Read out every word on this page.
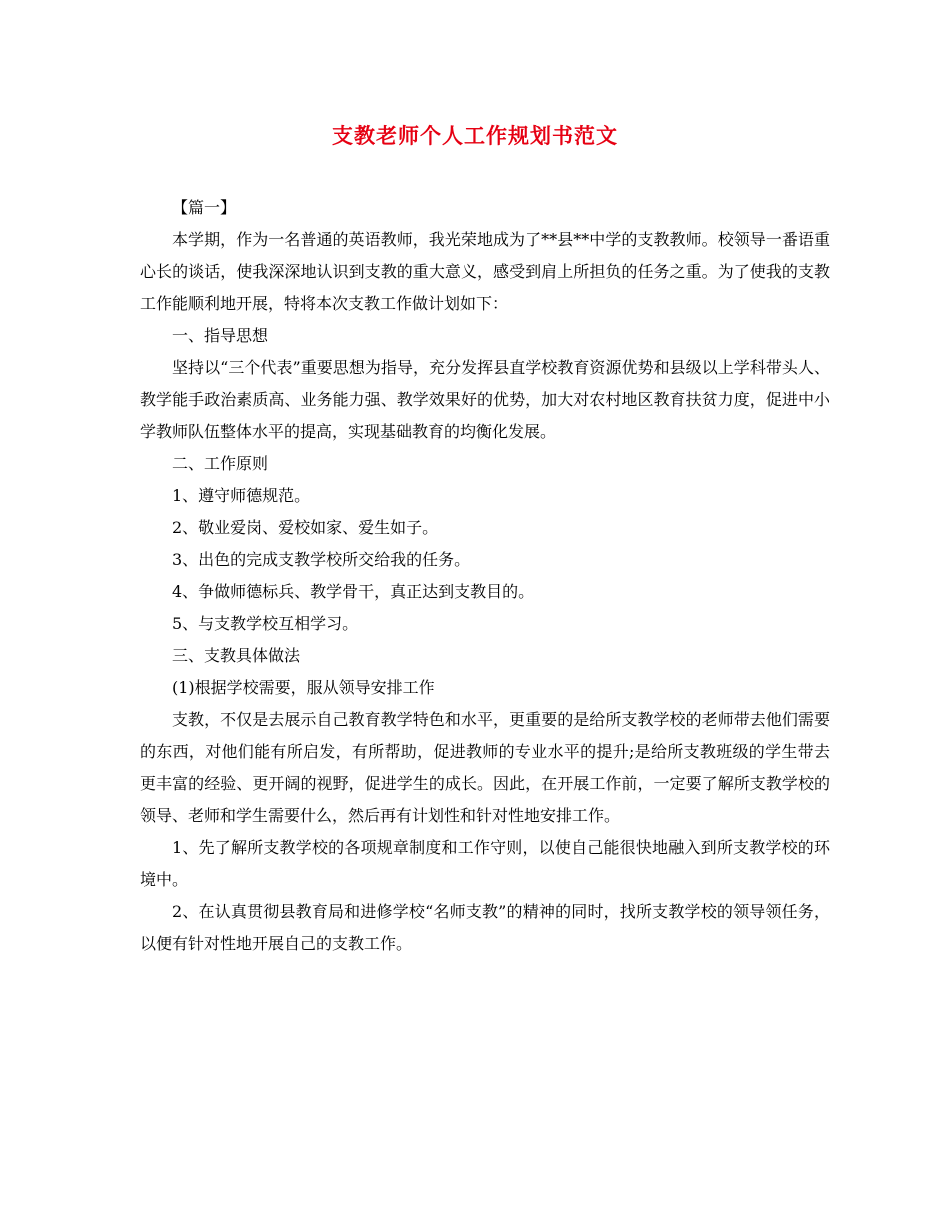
支教老师个人工作规划书范文

【篇一】

本学期，作为一名普通的英语教师，我光荣地成为了**县**中学的支教教师。校领导一番语重心长的谈话，使我深深地认识到支教的重大意义，感受到肩上所担负的任务之重。为了使我的支教工作能顺利地开展，特将本次支教工作做计划如下：

一、指导思想

坚持以“三个代表”重要思想为指导，充分发挥县直学校教育资源优势和县级以上学科带头人、教学能手政治素质高、业务能力强、教学效果好的优势，加大对农村地区教育扶贫力度，促进中小学教师队伍整体水平的提高，实现基础教育的均衡化发展。

二、工作原则

1、遵守师德规范。

2、敬业爱岗、爱校如家、爱生如子。

3、出色的完成支教学校所交给我的任务。

4、争做师德标兵、教学骨干，真正达到支教目的。

5、与支教学校互相学习。

三、支教具体做法

(1)根据学校需要，服从领导安排工作

支教，不仅是去展示自己教育教学特色和水平，更重要的是给所支教学校的老师带去他们需要的东西，对他们能有所启发，有所帮助，促进教师的专业水平的提升;是给所支教班级的学生带去更丰富的经验、更开阔的视野，促进学生的成长。因此，在开展工作前，一定要了解所支教学校的领导、老师和学生需要什么，然后再有计划性和针对性地安排工作。

1、先了解所支教学校的各项规章制度和工作守则，以使自己能很快地融入到所支教学校的环境中。

2、在认真贯彻县教育局和进修学校“名师支教”的精神的同时，找所支教学校的领导领任务，以便有针对性地开展自己的支教工作。
